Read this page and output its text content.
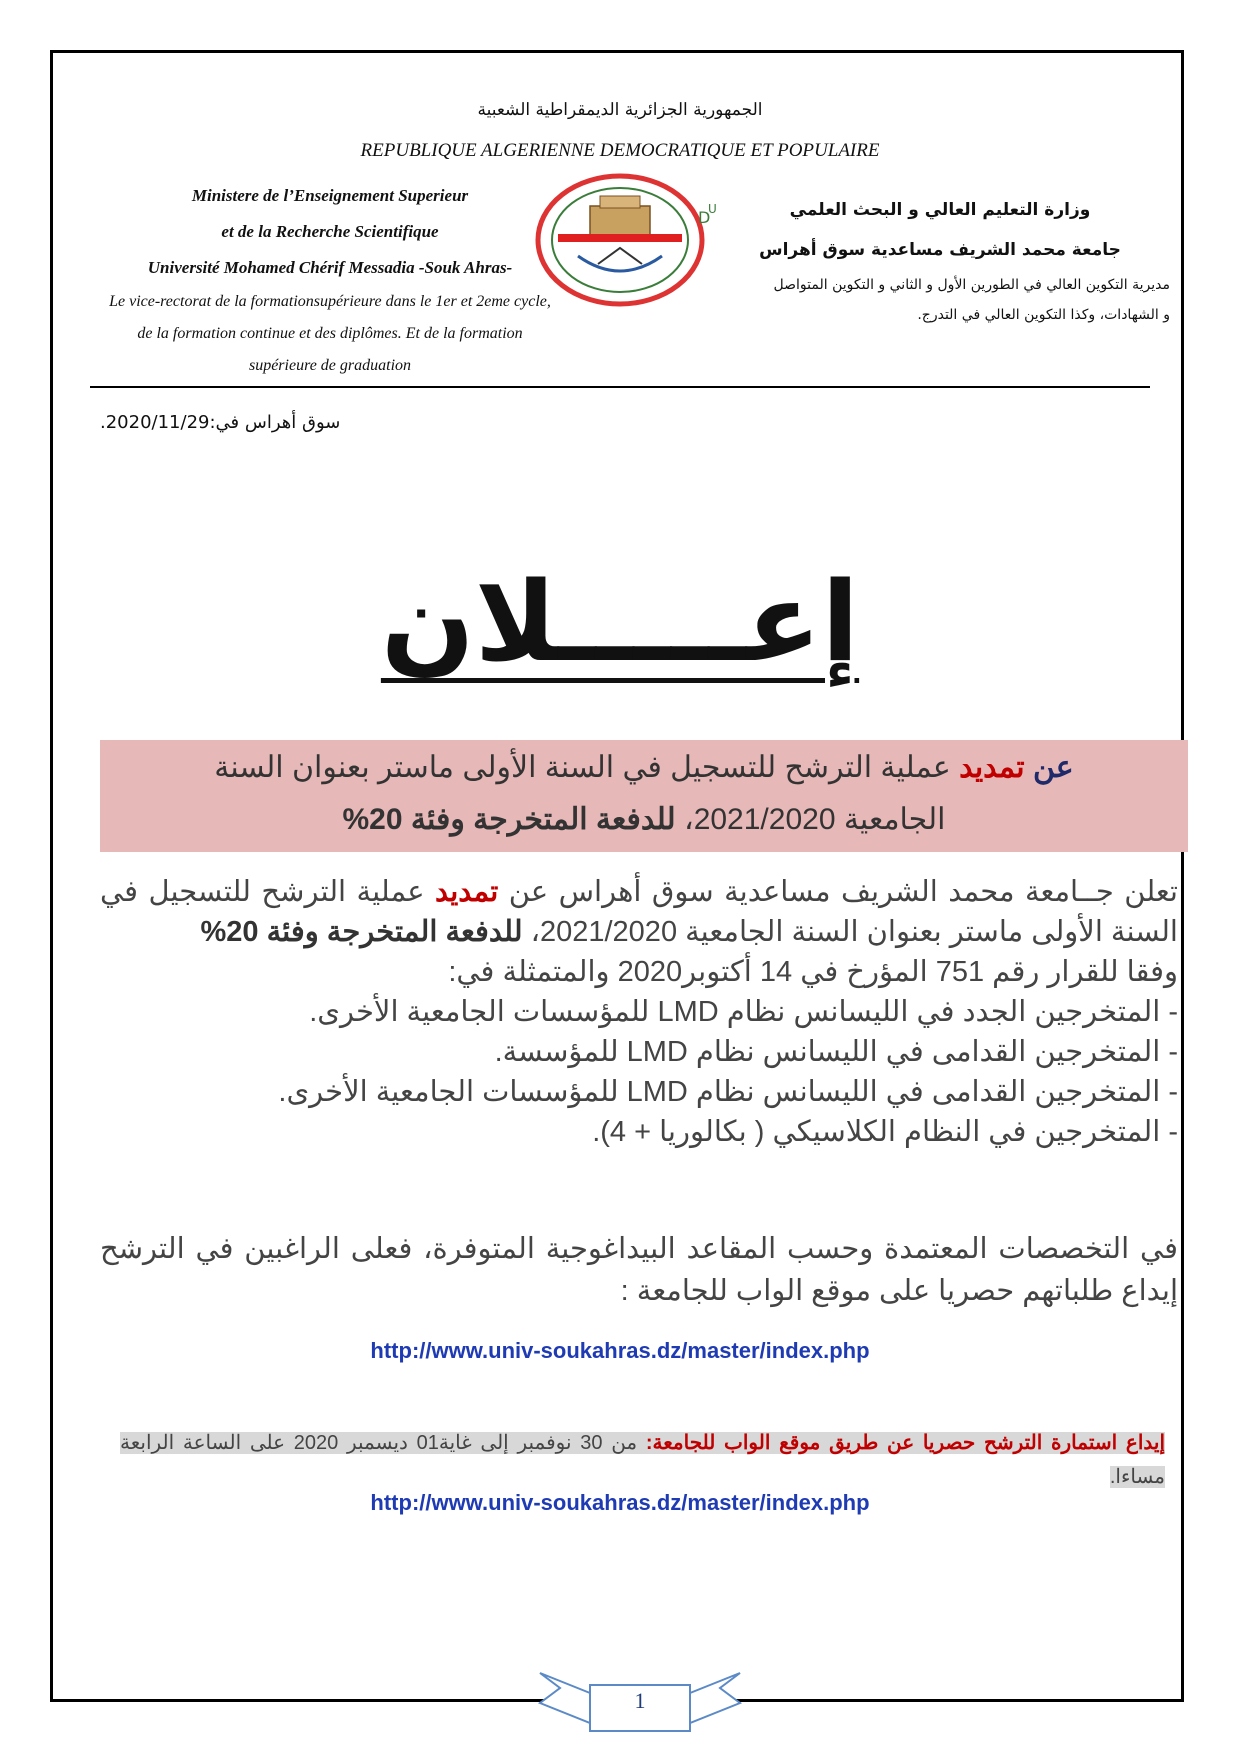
الجمهورية الجزائرية الديمقراطية الشعبية
REPUBLIQUE ALGERIENNE DEMOCRATIQUE ET POPULAIRE
Ministere de l’Enseignement Superieur
et de la Recherche Scientifique
Université Mohamed Chérif Messadia -Souk Ahras-
Le vice-rectorat de la formationsupérieure dans le 1er et 2eme cycle,
de la formation continue et des diplômes. Et de la formation
supérieure de graduation
D
U	وزارة التعليم العالي و البحث العلمي
جامعة محمد الشريف مساعدية سوق أهراس
مديرية التكوين العالي في الطورين الأول و الثاني و التكوين المتواصل
و الشهادات، وكذا التكوين العالي في التدرج.
سوق أهراس في:2020/11/29.
إعـــــلان
عن تمديد عملية الترشح للتسجيل في السنة الأولى ماستر بعنوان السنة الجامعية 2021/2020، للدفعة المتخرجة وفئة 20%
تعلن جــامعة محمد الشريف مساعدية سوق أهراس عن تمديد عملية الترشح للتسجيل في السنة الأولى ماستر بعنوان السنة الجامعية 2021/2020، للدفعة المتخرجة وفئة 20%
وفقا للقرار رقم 751 المؤرخ في 14 أكتوبر2020 والمتمثلة في:
- المتخرجين الجدد في الليسانس نظام LMD للمؤسسات الجامعية الأخرى.
- المتخرجين القدامى في الليسانس نظام LMD للمؤسسة.
- المتخرجين القدامى في الليسانس نظام LMD للمؤسسات الجامعية الأخرى.
- المتخرجين في النظام الكلاسيكي ( بكالوريا + 4).
في التخصصات المعتمدة وحسب المقاعد البيداغوجية المتوفرة، فعلى الراغبين في الترشح إيداع طلباتهم حصريا على موقع الواب للجامعة :
http://www.univ-soukahras.dz/master/index.php
إيداع استمارة الترشح حصريا عن طريق موقع الواب للجامعة: من 30 نوفمبر إلى غاية01 ديسمبر 2020 على الساعة الرابعة مساءا.
http://www.univ-soukahras.dz/master/index.php
1
